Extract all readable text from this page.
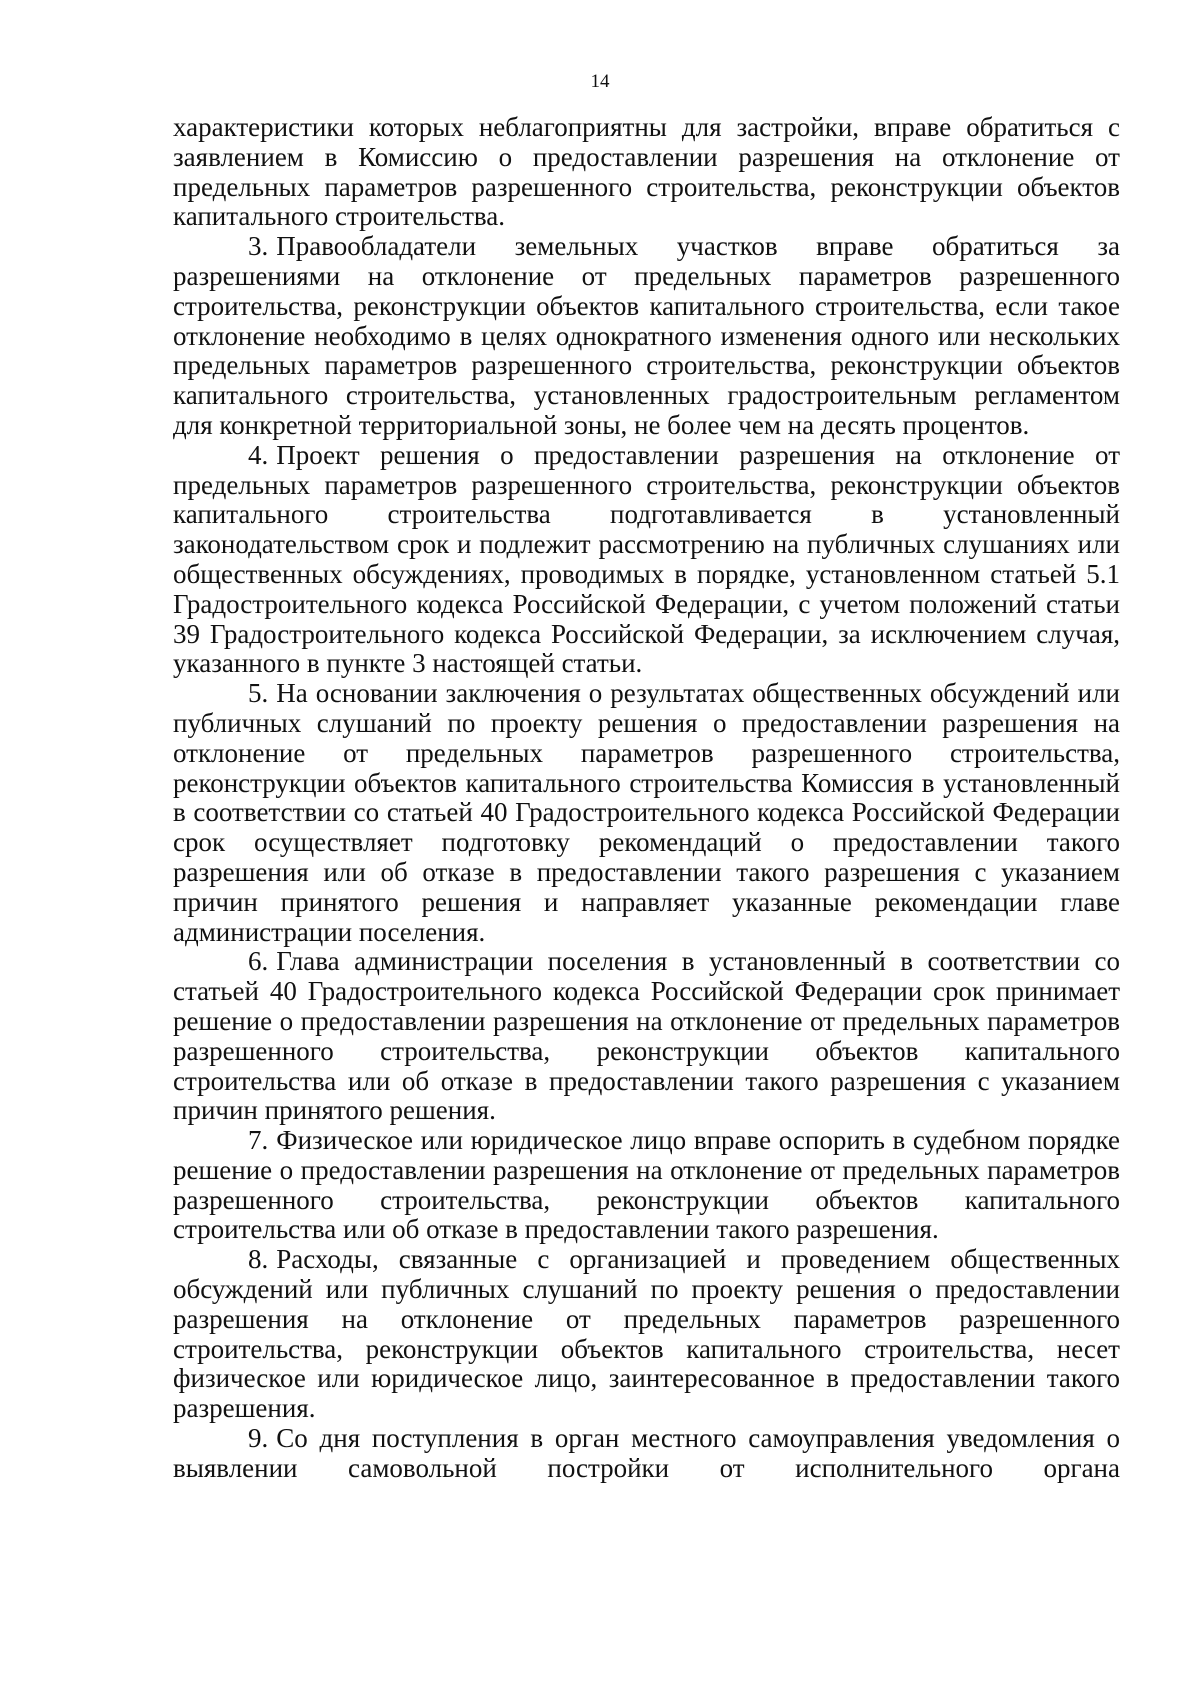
14

характеристики которых неблагоприятны для застройки, вправе обратиться с заявлением в Комиссию о предоставлении разрешения на отклонение от предельных параметров разрешенного строительства, реконструкции объектов капитального строительства.

3. Правообладатели земельных участков вправе обратиться за разрешениями на отклонение от предельных параметров разрешенного строительства, реконструкции объектов капитального строительства, если такое отклонение необходимо в целях однократного изменения одного или нескольких предельных параметров разрешенного строительства, реконструкции объектов капитального строительства, установленных градостроительным регламентом для конкретной территориальной зоны, не более чем на десять процентов.

4. Проект решения о предоставлении разрешения на отклонение от предельных параметров разрешенного строительства, реконструкции объектов капитального строительства подготавливается в установленный законодательством срок и подлежит рассмотрению на публичных слушаниях или общественных обсуждениях, проводимых в порядке, установленном статьей 5.1 Градостроительного кодекса Российской Федерации, с учетом положений статьи 39 Градостроительного кодекса Российской Федерации, за исключением случая, указанного в пункте 3 настоящей статьи.

5. На основании заключения о результатах общественных обсуждений или публичных слушаний по проекту решения о предоставлении разрешения на отклонение от предельных параметров разрешенного строительства, реконструкции объектов капитального строительства Комиссия в установленный в соответствии со статьей 40 Градостроительного кодекса Российской Федерации срок осуществляет подготовку рекомендаций о предоставлении такого разрешения или об отказе в предоставлении такого разрешения с указанием причин принятого решения и направляет указанные рекомендации главе администрации поселения.

6. Глава администрации поселения в установленный в соответствии со статьей 40 Градостроительного кодекса Российской Федерации срок принимает решение о предоставлении разрешения на отклонение от предельных параметров разрешенного строительства, реконструкции объектов капитального строительства или об отказе в предоставлении такого разрешения с указанием причин принятого решения.

7. Физическое или юридическое лицо вправе оспорить в судебном порядке решение о предоставлении разрешения на отклонение от предельных параметров разрешенного строительства, реконструкции объектов капитального строительства или об отказе в предоставлении такого разрешения.

8. Расходы, связанные с организацией и проведением общественных обсуждений или публичных слушаний по проекту решения о предоставлении разрешения на отклонение от предельных параметров разрешенного строительства, реконструкции объектов капитального строительства, несет физическое или юридическое лицо, заинтересованное в предоставлении такого разрешения.

9. Со дня поступления в орган местного самоуправления уведомления о выявлении самовольной постройки от исполнительного органа
